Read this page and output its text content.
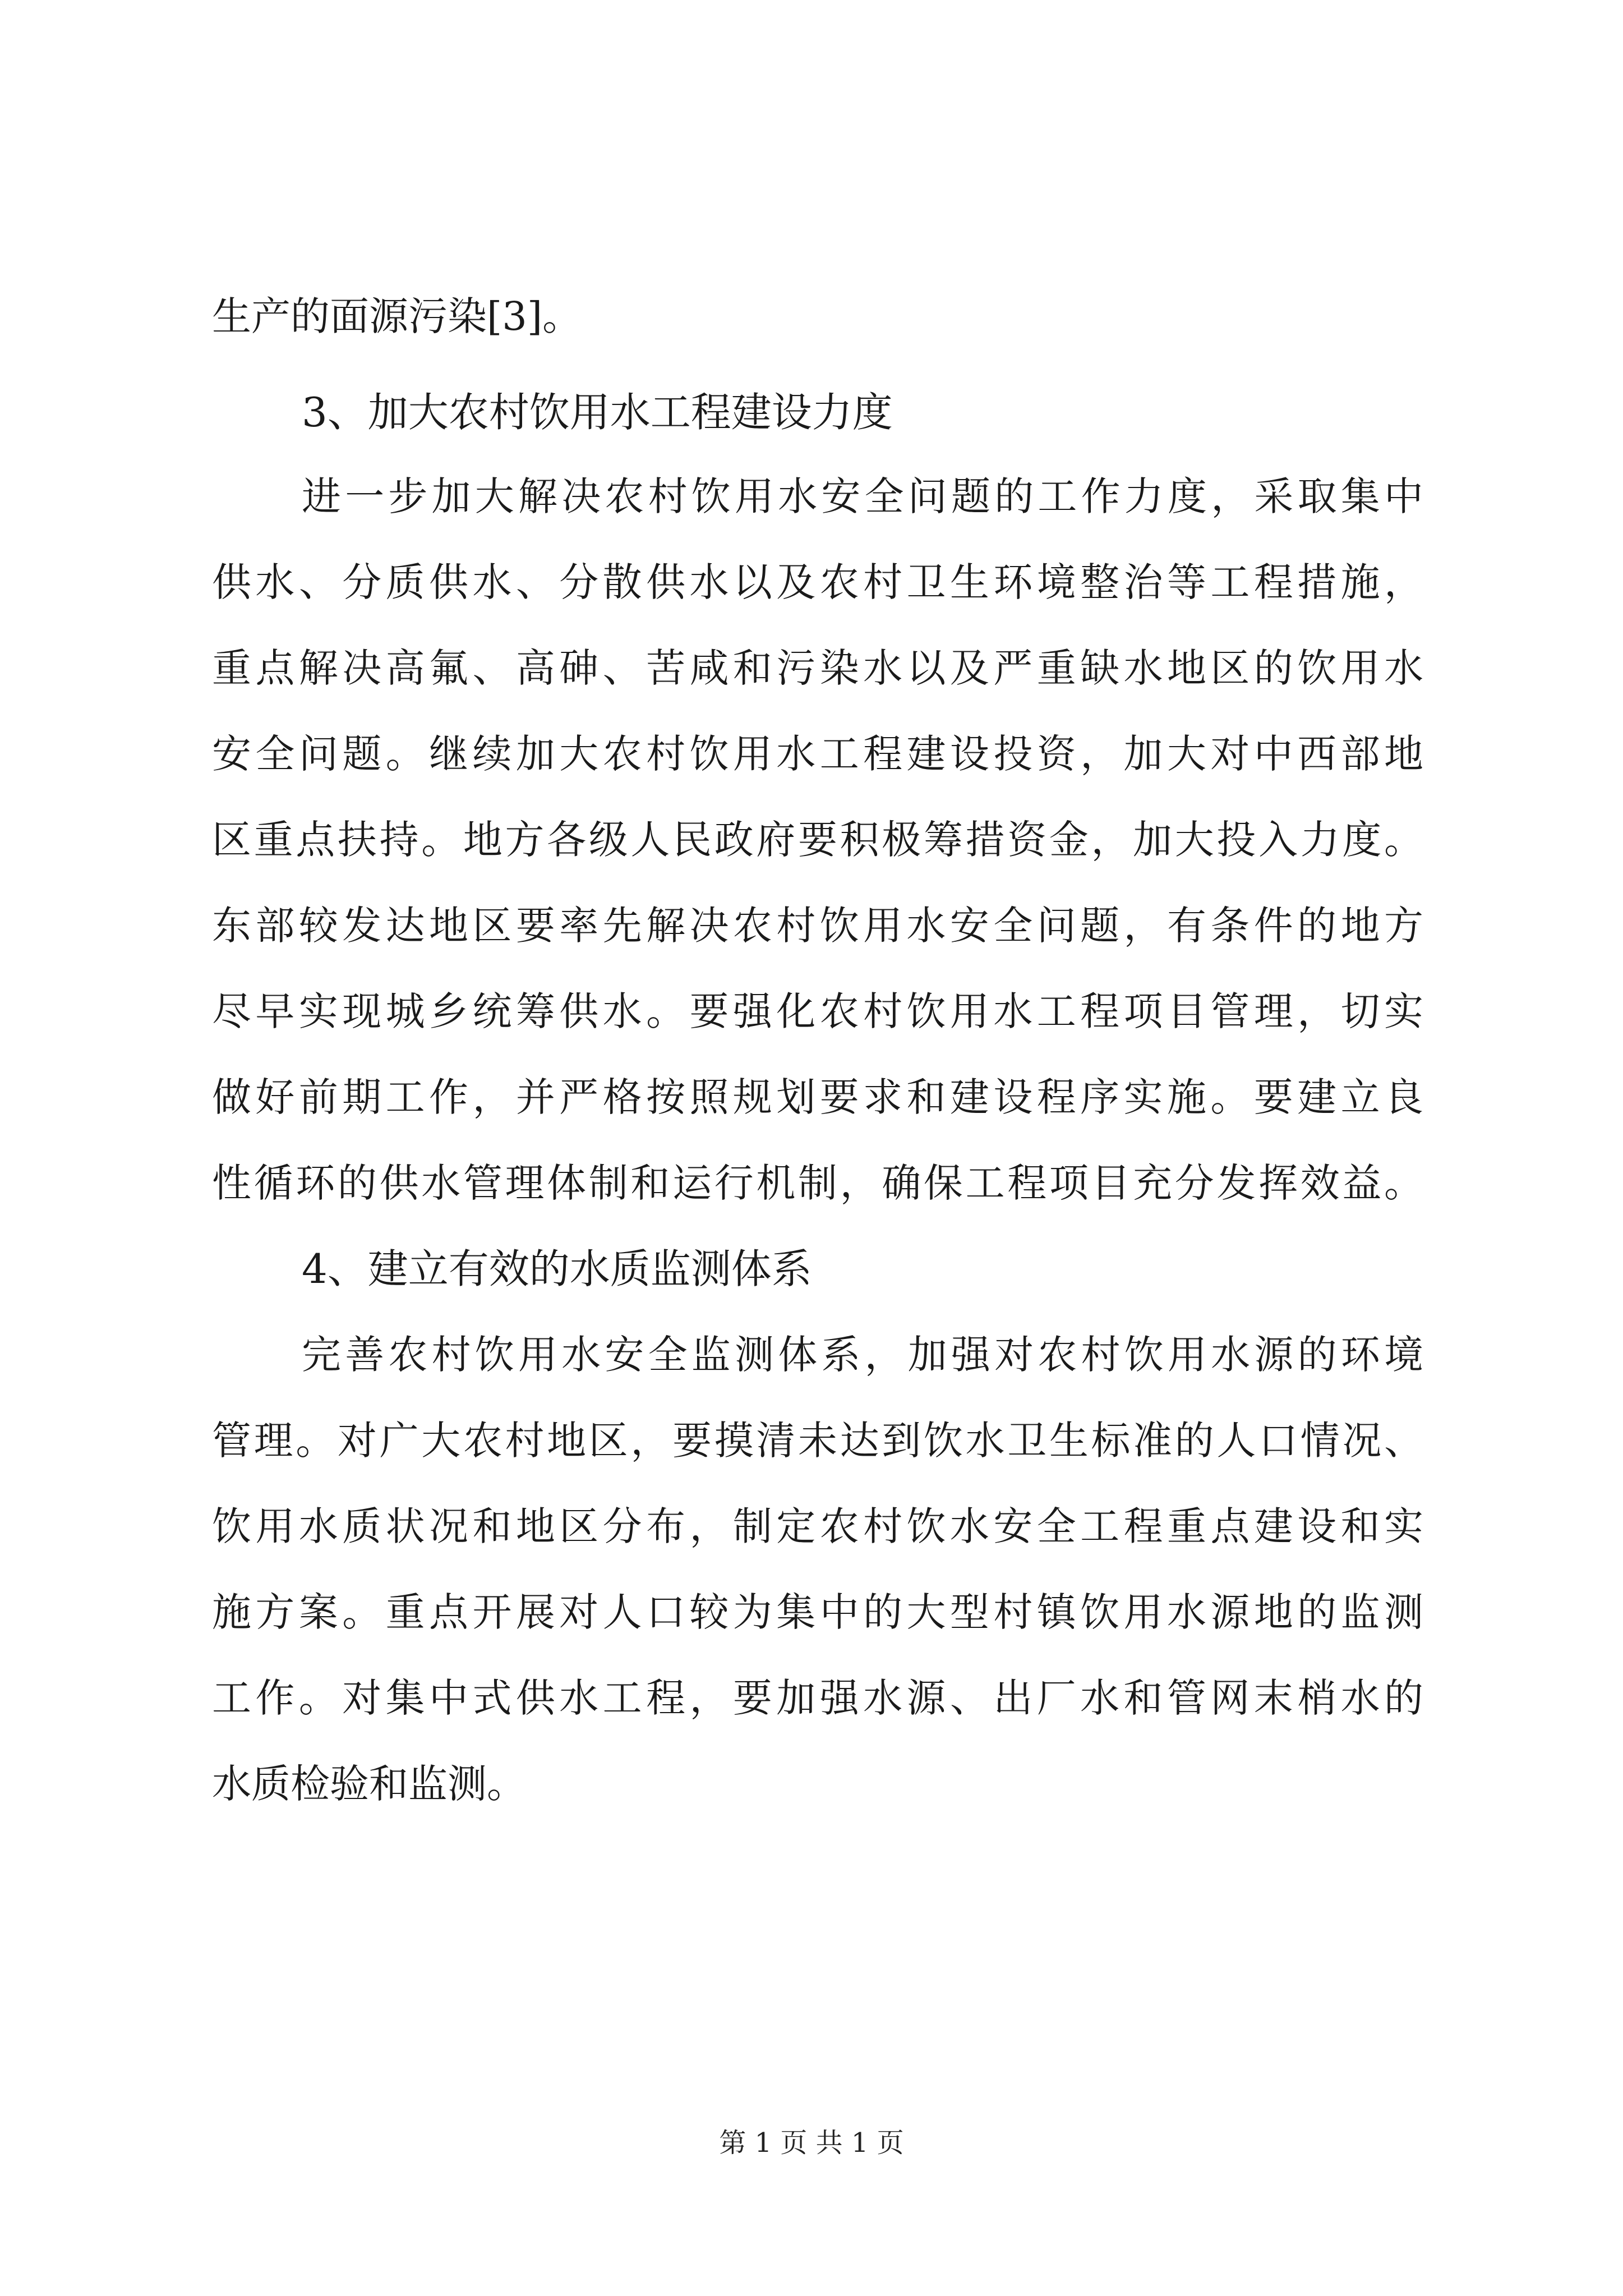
生产的面源污染[3]。
3、加大农村饮用水工程建设力度
进一步加大解决农村饮用水安全问题的工作力度，采取集中
供水、分质供水、分散供水以及农村卫生环境整治等工程措施，
重点解决高氟、高砷、苦咸和污染水以及严重缺水地区的饮用水
安全问题。继续加大农村饮用水工程建设投资，加大对中西部地
区重点扶持。地方各级人民政府要积极筹措资金，加大投入力度。
东部较发达地区要率先解决农村饮用水安全问题，有条件的地方
尽早实现城乡统筹供水。要强化农村饮用水工程项目管理，切实
做好前期工作，并严格按照规划要求和建设程序实施。要建立良
性循环的供水管理体制和运行机制，确保工程项目充分发挥效益。
4、建立有效的水质监测体系
完善农村饮用水安全监测体系，加强对农村饮用水源的环境
管理。对广大农村地区，要摸清未达到饮水卫生标准的人口情况、
饮用水质状况和地区分布，制定农村饮水安全工程重点建设和实
施方案。重点开展对人口较为集中的大型村镇饮用水源地的监测
工作。对集中式供水工程，要加强水源、出厂水和管网末梢水的
水质检验和监测。
第 1 页 共 1 页
